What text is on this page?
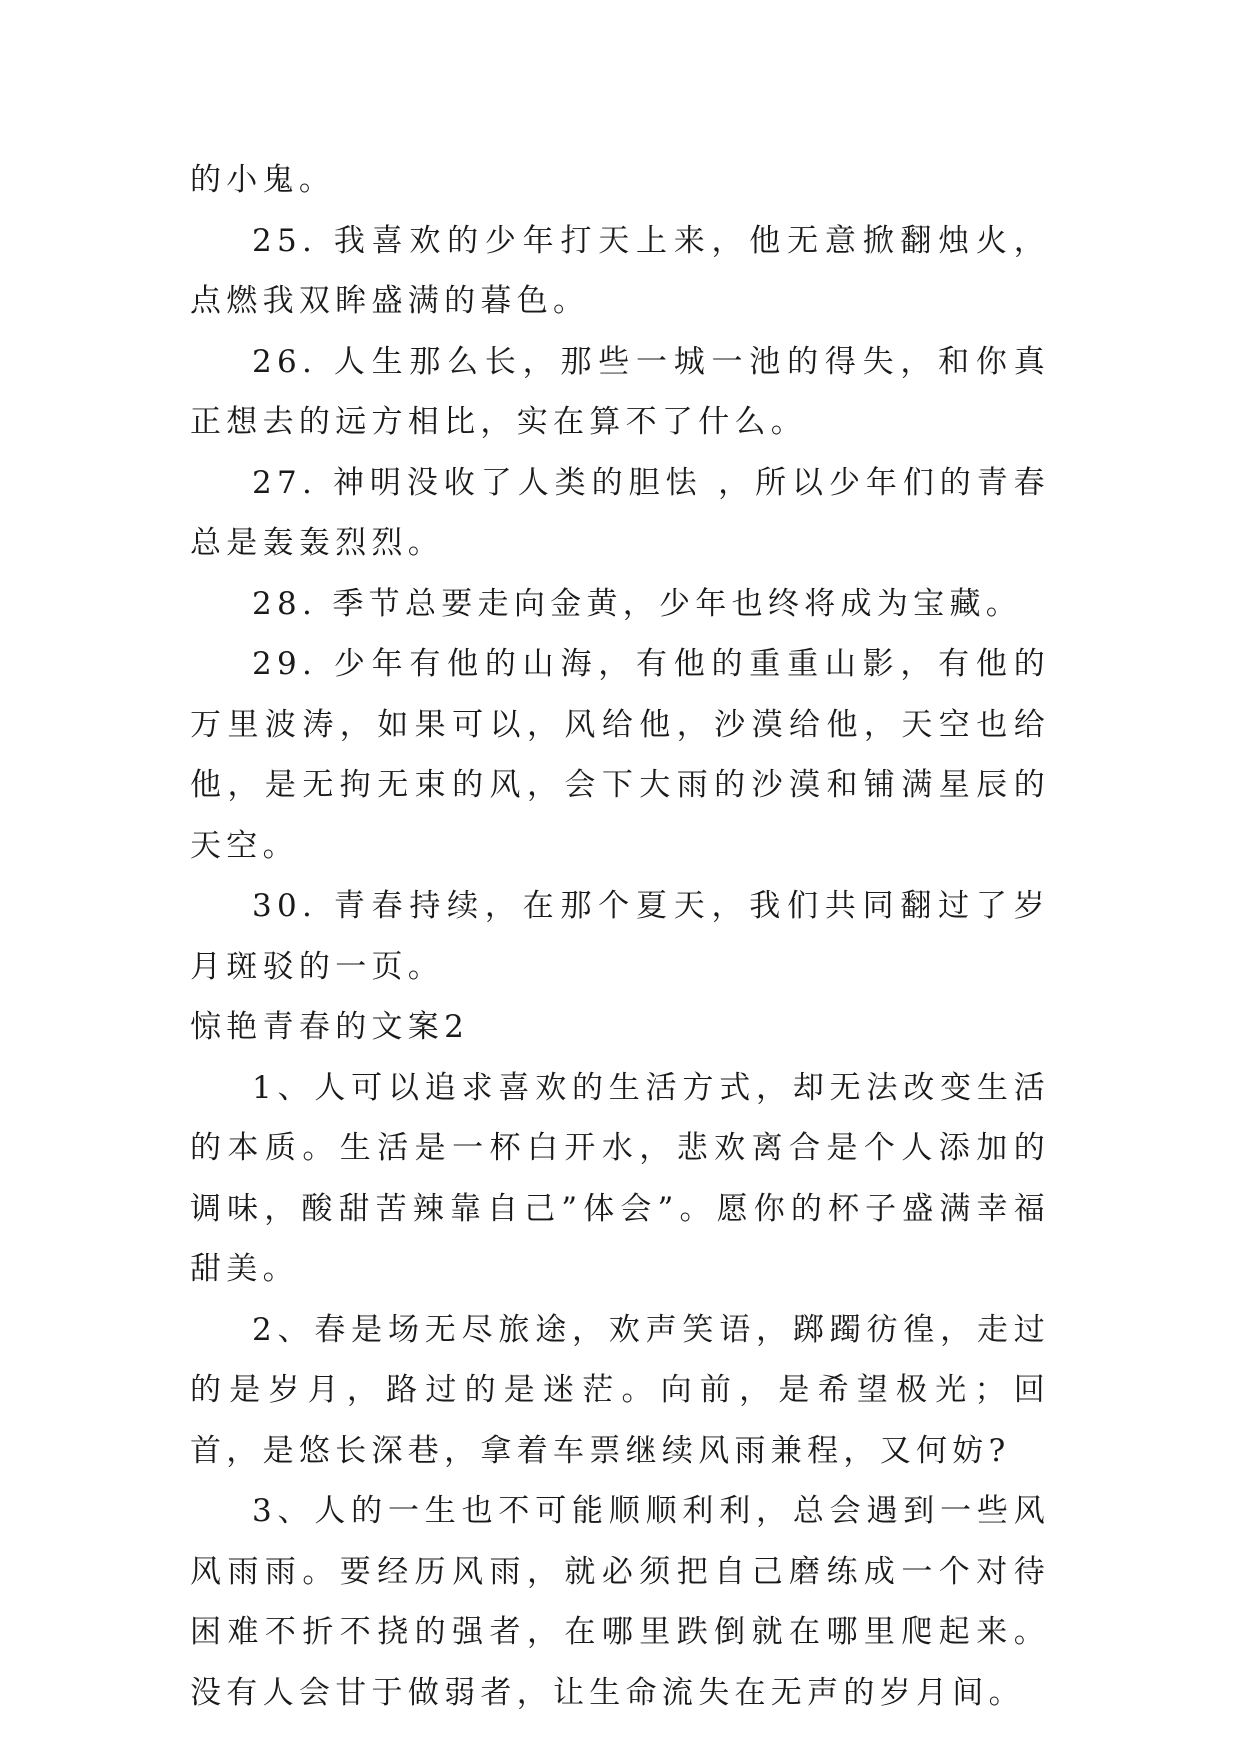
的小鬼。

25. 我喜欢的少年打天上来，他无意掀翻烛火，点燃我双眸盛满的暮色。

26. 人生那么长，那些一城一池的得失，和你真正想去的远方相比，实在算不了什么。

27. 神明没收了人类的胆怯 ，所以少年们的青春总是轰轰烈烈。

28. 季节总要走向金黄，少年也终将成为宝藏。

29. 少年有他的山海，有他的重重山影，有他的万里波涛，如果可以，风给他，沙漠给他，天空也给他，是无拘无束的风，会下大雨的沙漠和铺满星辰的天空。

30. 青春持续，在那个夏天，我们共同翻过了岁月斑驳的一页。

惊艳青春的文案2

1、人可以追求喜欢的生活方式，却无法改变生活的本质。生活是一杯白开水，悲欢离合是个人添加的调味，酸甜苦辣靠自己”体会”。愿你的杯子盛满幸福甜美。

2、春是场无尽旅途，欢声笑语，踯躅彷徨，走过的是岁月，路过的是迷茫。向前，是希望极光；回首，是悠长深巷，拿着车票继续风雨兼程，又何妨?

3、人的一生也不可能顺顺利利，总会遇到一些风风雨雨。要经历风雨，就必须把自己磨练成一个对待困难不折不挠的强者，在哪里跌倒就在哪里爬起来。没有人会甘于做弱者，让生命流失在无声的岁月间。
